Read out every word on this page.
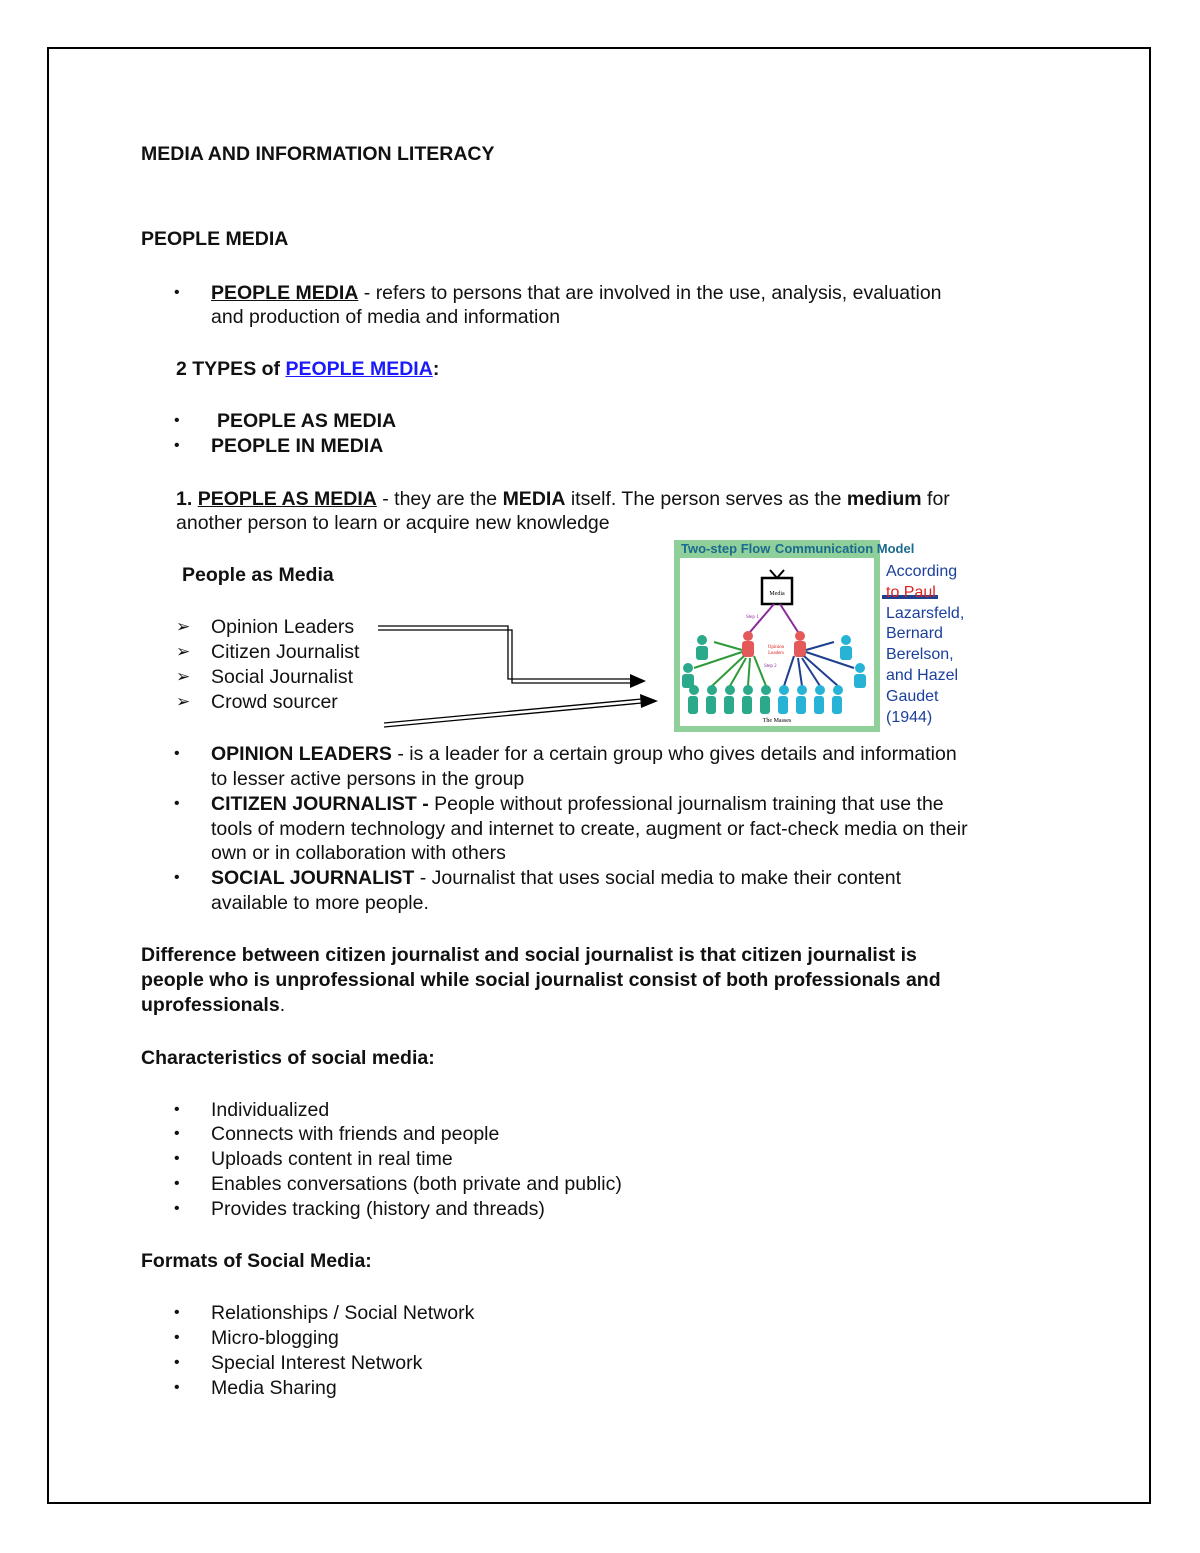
MEDIA AND INFORMATION LITERACY
PEOPLE MEDIA
• PEOPLE MEDIA - refers to persons that are involved in the use, analysis, evaluation
and production of media and information
2 TYPES of PEOPLE MEDIA:
• PEOPLE AS MEDIA
• PEOPLE IN MEDIA
1. PEOPLE AS MEDIA - they are the MEDIA itself. The person serves as the medium for
another person to learn or acquire new knowledge
People as Media
➢ Opinion Leaders
➢ Citizen Journalist
➢ Social Journalist
➢ Crowd sourcer
Media
Step 1
Step 2
Opinion
Leaders
The Masses
Two-step Flow Communication Model
According
to Paul
Lazarsfeld,
Bernard
Berelson,
and Hazel
Gaudet
(1944)
• OPINION LEADERS - is a leader for a certain group who gives details and information
to lesser active persons in the group
• CITIZEN JOURNALIST - People without professional journalism training that use the
tools of modern technology and internet to create, augment or fact-check media on their
own or in collaboration with others
• SOCIAL JOURNALIST - Journalist that uses social media to make their content
available to more people.
Difference between citizen journalist and social journalist is that citizen journalist is
people who is unprofessional while social journalist consist of both professionals and
uprofessionals.
Characteristics of social media:
• Individualized
• Connects with friends and people
• Uploads content in real time
• Enables conversations (both private and public)
• Provides tracking (history and threads)
Formats of Social Media:
• Relationships / Social Network
• Micro-blogging
• Special Interest Network
• Media Sharing
